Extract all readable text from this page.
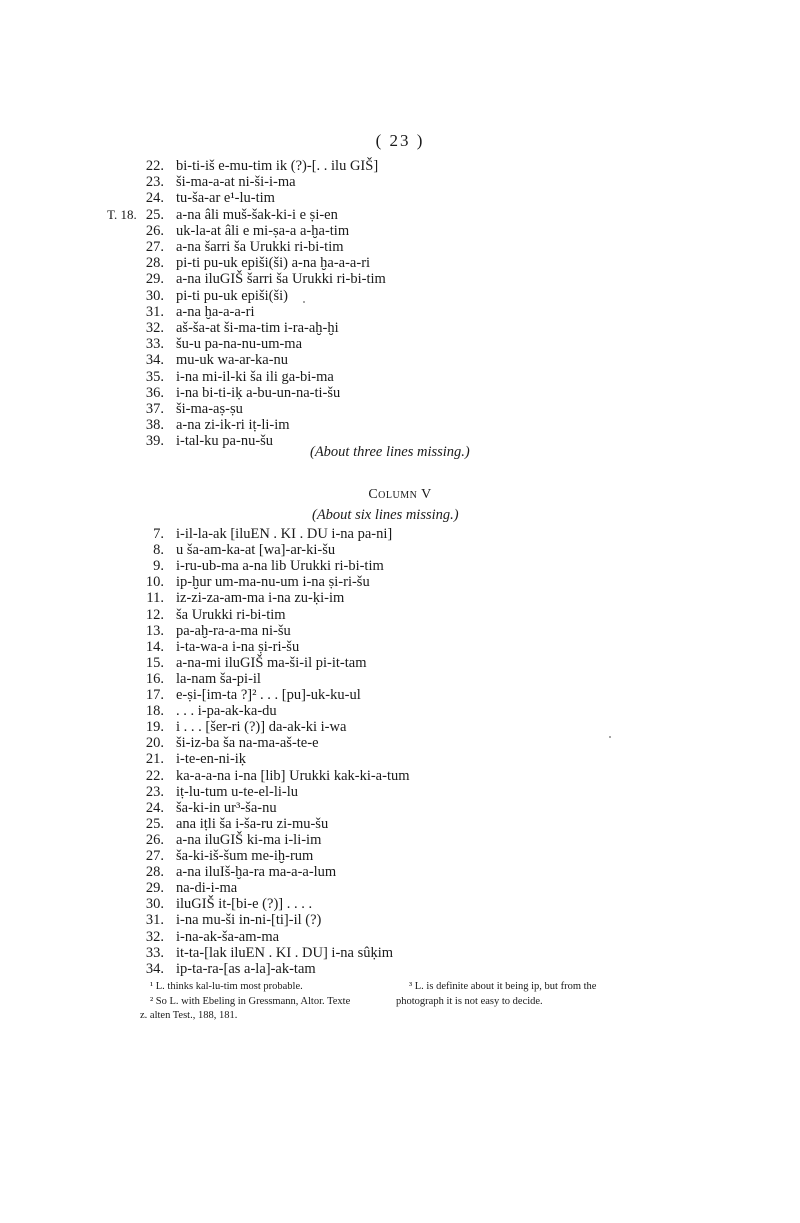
( 23 )
22. bi-ti-iš e-mu-tim ik (?)-[. . ilu GIŠ]
23. ši-ma-a-at ni-ši-i-ma
24. tu-ša-ar e¹-lu-tim
25. a-na âli muš-šak-ki-i e ṣi-en
26. uk-la-at âli e mi-ṣa-a a-ḫa-tim
27. a-na šarri ša Urukki ri-bi-tim
28. pi-ti pu-uk epiši(ši) a-na ḫa-a-a-ri
29. a-na iluGIŠ šarri ša Urukki ri-bi-tim
30. pi-ti pu-uk epiši(ši)
31. a-na ḫa-a-a-ri
32. aš-ša-at ši-ma-tim i-ra-aḫ-ḫi
33. šu-u pa-na-nu-um-ma
34. mu-uk wa-ar-ka-nu
35. i-na mi-il-ki ša ili ga-bi-ma
36. i-na bi-ti-iḳ a-bu-un-na-ti-šu
37. ši-ma-aṣ-ṣu
38. a-na zi-ik-ri iṭ-li-im
39. i-tal-ku pa-nu-šu
T. 18.
(About three lines missing.)
Column V
(About six lines missing.)
7. i-il-la-ak [iluEN . KI . DU i-na pa-ni]
8. u ša-am-ka-at [wa]-ar-ki-šu
9. i-ru-ub-ma a-na lib Urukki ri-bi-tim
10. ip-ḫur um-ma-nu-um i-na ṣi-ri-šu
11. iz-zi-za-am-ma i-na zu-ḳi-im
12. ša Urukki ri-bi-tim
13. pa-aḫ-ra-a-ma ni-šu
14. i-ta-wa-a i-na ṣi-ri-šu
15. a-na-mi iluGIŠ ma-ši-il pi-it-tam
16. la-nam ša-pi-il
17. e-ṣi-[im-ta ?]² . . . [pu]-uk-ku-ul
18. . . . i-pa-ak-ka-du
19. i . . . [šer-ri (?)] da-ak-ki i-wa
20. ši-iz-ba ša na-ma-aš-te-e
21. i-te-en-ni-iḳ
22. ka-a-a-na i-na [lib] Urukki kak-ki-a-tum
23. iṭ-lu-tum u-te-el-li-lu
24. ša-ki-in ur³-ša-nu
25. ana iṭli ša i-ša-ru zi-mu-šu
26. a-na iluGIŠ ki-ma i-li-im
27. ša-ki-iš-šum me-iḫ-rum
28. a-na iluIš-ḫa-ra ma-a-a-lum
29. na-di-i-ma
30. iluGIŠ it-[bi-e (?)] . . . .
31. i-na mu-ši in-ni-[ti]-il (?)
32. i-na-ak-ša-am-ma
33. it-ta-[lak iluEN . KI . DU] i-na sûḳim
34. ip-ta-ra-[as a-la]-ak-tam
¹ L. thinks kal-lu-tim most probable.
² So L. with Ebeling in Gressmann, Altor. Texte
z. alten Test., 188, 181.
³ L. is definite about it being ip, but from the
photograph it is not easy to decide.
